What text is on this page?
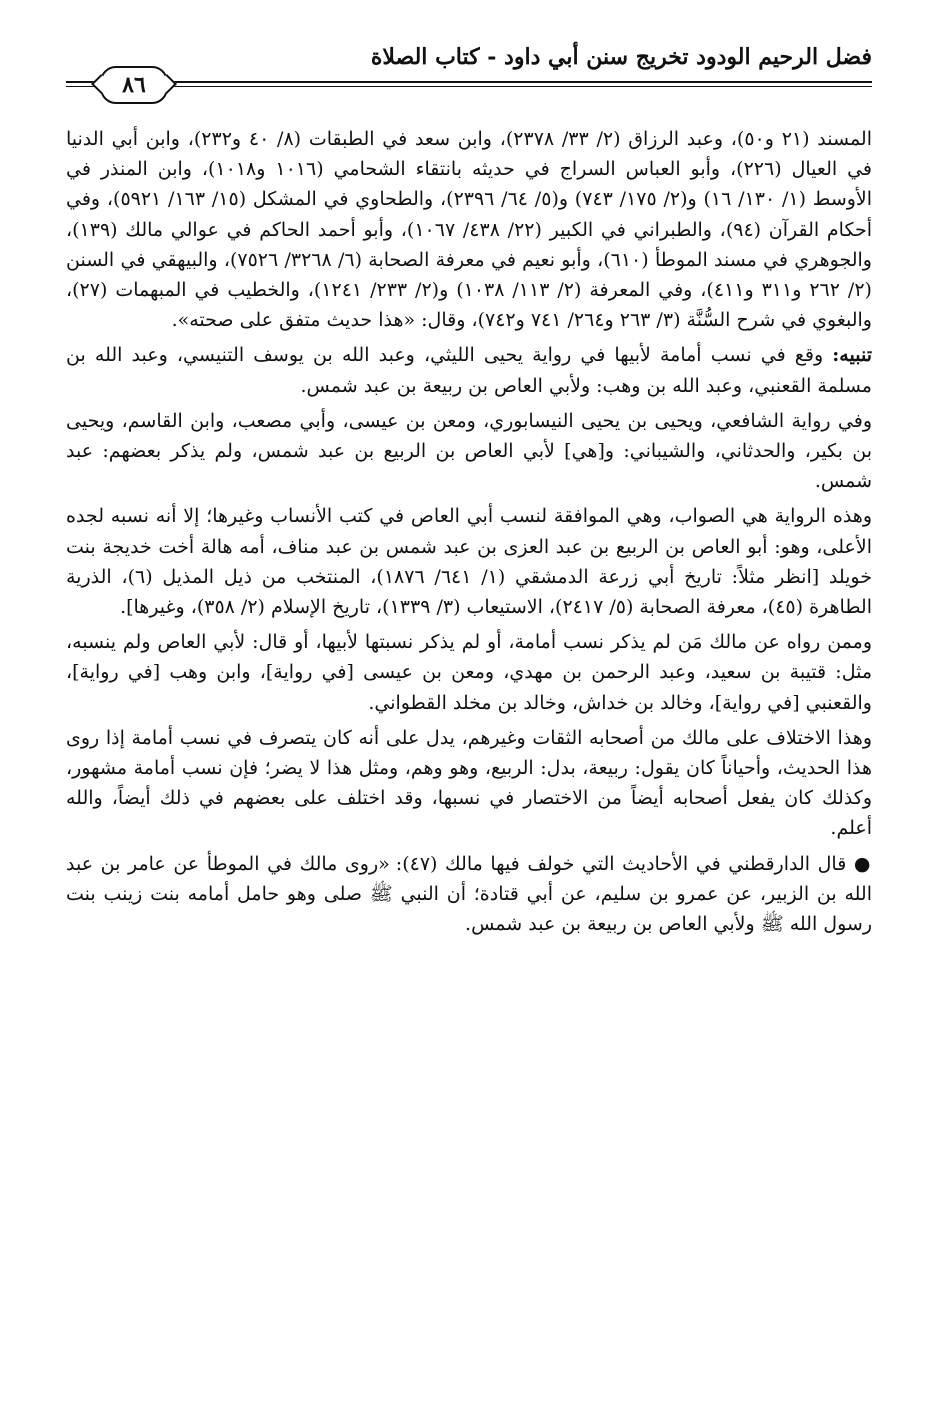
فضل الرحيم الودود تخريج سنن أبي داود - كتاب الصلاة
٨٦

المسند (٢١ و٥٠)، وعبد الرزاق (٢/ ٣٣/ ٢٣٧٨)، وابن سعد في الطبقات (٨/ ٤٠ و٢٣٢)، وابن أبي الدنيا في العيال (٢٢٦)، وأبو العباس السراج في حديثه بانتقاء الشحامي (١٠١٦ و١٠١٨)، وابن المنذر في الأوسط (١/ ١٣٠/ ١٦) و(٢/ ١٧٥/ ٧٤٣) و(٥/ ٦٤/ ٢٣٩٦)، والطحاوي في المشكل (١٥/ ١٦٣/ ٥٩٢١)، وفي أحكام القرآن (٩٤)، والطبراني في الكبير (٢٢/ ٤٣٨/ ١٠٦٧)، وأبو أحمد الحاكم في عوالي مالك (١٣٩)، والجوهري في مسند الموطأ (٦١٠)، وأبو نعيم في معرفة الصحابة (٦/ ٣٢٦٨/ ٧٥٢٦)، والبيهقي في السنن (٢/ ٢٦٢ و٣١١ و٤١١)، وفي المعرفة (٢/ ١١٣/ ١٠٣٨) و(٢/ ٢٣٣/ ١٢٤١)، والخطيب في المبهمات (٢٧)، والبغوي في شرح السُّنَّة (٣/ ٢٦٣ و٢٦٤/ ٧٤١ و٧٤٢)، وقال: «هذا حديث متفق على صحته».

تنبيه: وقع في نسب أمامة لأبيها في رواية يحيى الليثي، وعبد الله بن يوسف التنيسي، وعبد الله بن مسلمة القعنبي، وعبد الله بن وهب: ولأبي العاص بن ربيعة بن عبد شمس.

وفي رواية الشافعي، ويحيى بن يحيى النيسابوري، ومعن بن عيسى، وأبي مصعب، وابن القاسم، ويحيى بن بكير، والحدثاني، والشيباني: و[هي] لأبي العاص بن الربيع بن عبد شمس، ولم يذكر بعضهم: عبد شمس.

وهذه الرواية هي الصواب، وهي الموافقة لنسب أبي العاص في كتب الأنساب وغيرها؛ إلا أنه نسبه لجده الأعلى، وهو: أبو العاص بن الربيع بن عبد العزى بن عبد شمس بن عبد مناف، أمه هالة أخت خديجة بنت خويلد [انظر مثلاً: تاريخ أبي زرعة الدمشقي (١/ ٦٤١/ ١٨٧٦)، المنتخب من ذيل المذيل (٦)، الذرية الطاهرة (٤٥)، معرفة الصحابة (٥/ ٢٤١٧)، الاستيعاب (٣/ ١٣٣٩)، تاريخ الإسلام (٢/ ٣٥٨)، وغيرها].

وممن رواه عن مالك مَن لم يذكر نسب أمامة، أو لم يذكر نسبتها لأبيها، أو قال: لأبي العاص ولم ينسبه، مثل: قتيبة بن سعيد، وعبد الرحمن بن مهدي، ومعن بن عيسى [في رواية]، وابن وهب [في رواية]، والقعنبي [في رواية]، وخالد بن خداش، وخالد بن مخلد القطواني.

وهذا الاختلاف على مالك من أصحابه الثقات وغيرهم، يدل على أنه كان يتصرف في نسب أمامة إذا روى هذا الحديث، وأحياناً كان يقول: ربيعة، بدل: الربيع، وهو وهم، ومثل هذا لا يضر؛ فإن نسب أمامة مشهور، وكذلك كان يفعل أصحابه أيضاً من الاختصار في نسبها، وقد اختلف على بعضهم في ذلك أيضاً، والله أعلم.

● قال الدارقطني في الأحاديث التي خولف فيها مالك (٤٧): «روى مالك في الموطأ عن عامر بن عبد الله بن الزبير، عن عمرو بن سليم، عن أبي قتادة؛ أن النبي ﷺ صلى وهو حامل أمامه بنت زينب بنت رسول الله ﷺ ولأبي العاص بن ربيعة بن عبد شمس.
